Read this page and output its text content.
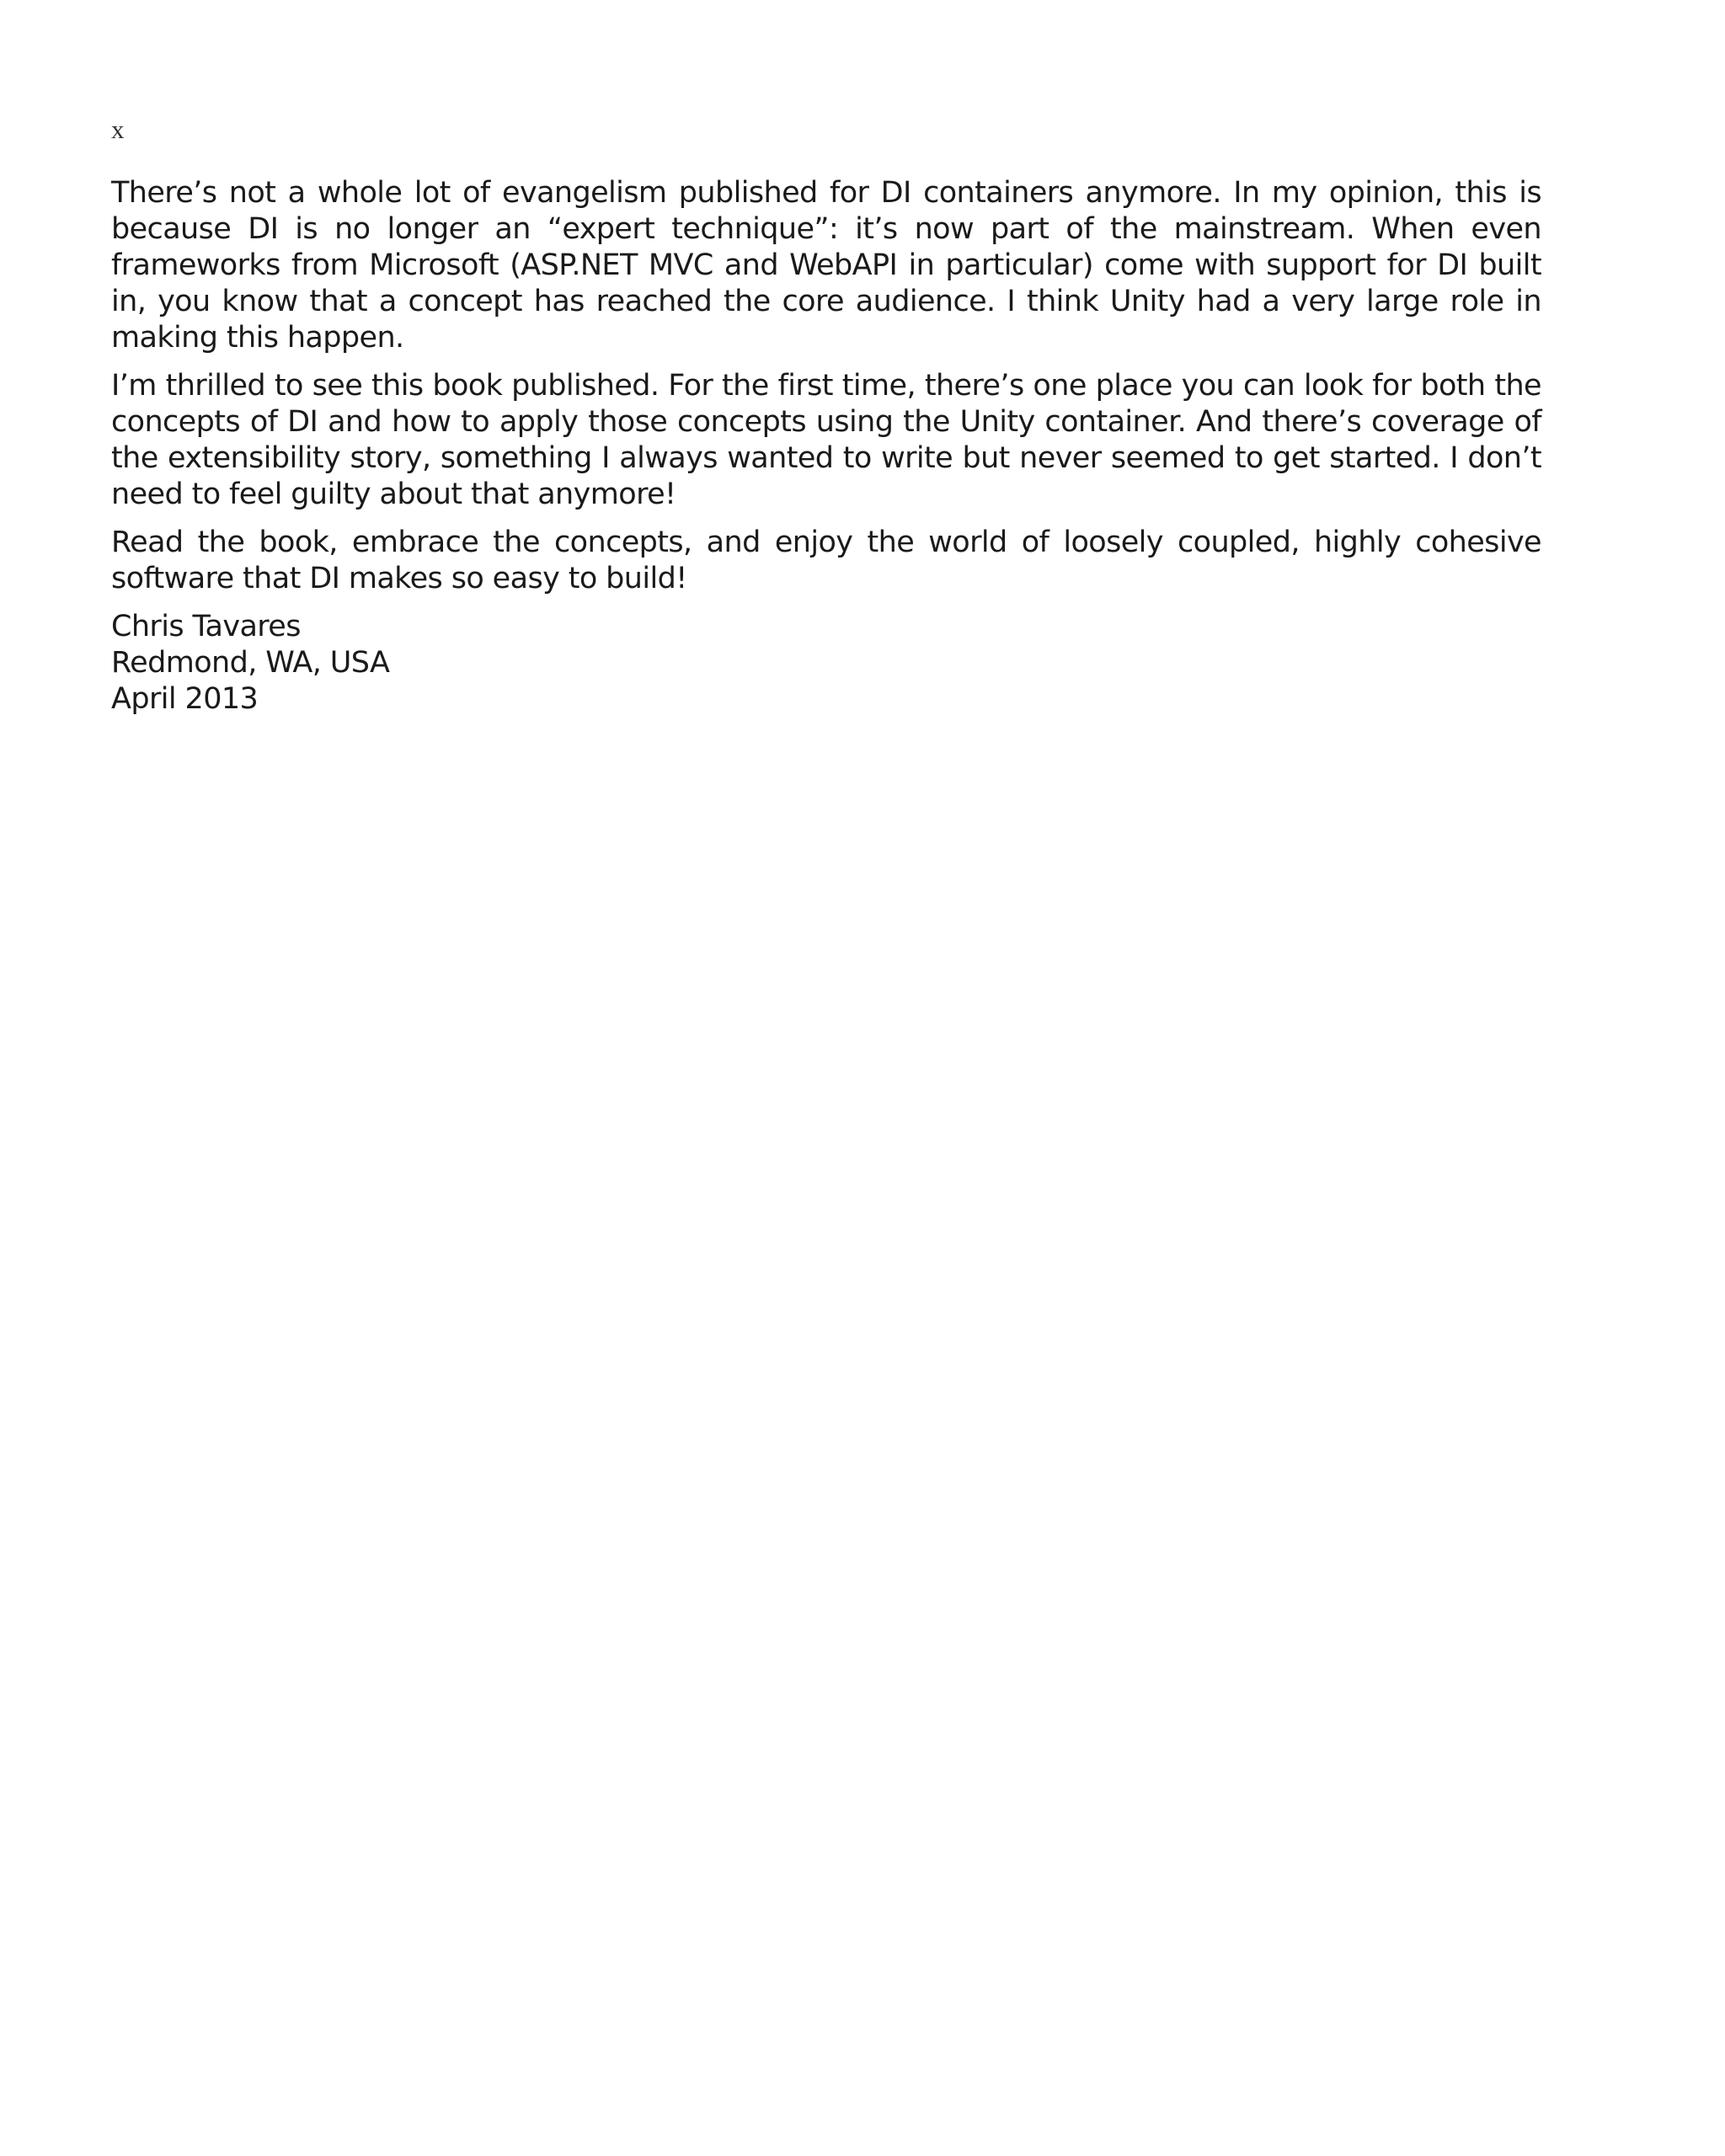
x

There’s not a whole lot of evangelism published for DI containers anymore. In my opinion, this is because DI is no longer an “expert technique”: it’s now part of the mainstream. When even frameworks from Microsoft (ASP.NET MVC and WebAPI in particular) come with support for DI built in, you know that a concept has reached the core audience. I think Unity had a very large role in making this happen.

I’m thrilled to see this book published. For the first time, there’s one place you can look for both the concepts of DI and how to apply those concepts using the Unity container. And there’s coverage of the extensibility story, something I always wanted to write but never seemed to get started. I don’t need to feel guilty about that anymore!

Read the book, embrace the concepts, and enjoy the world of loosely coupled, highly cohesive software that DI makes so easy to build!

Chris Tavares
Redmond, WA, USA
April 2013
